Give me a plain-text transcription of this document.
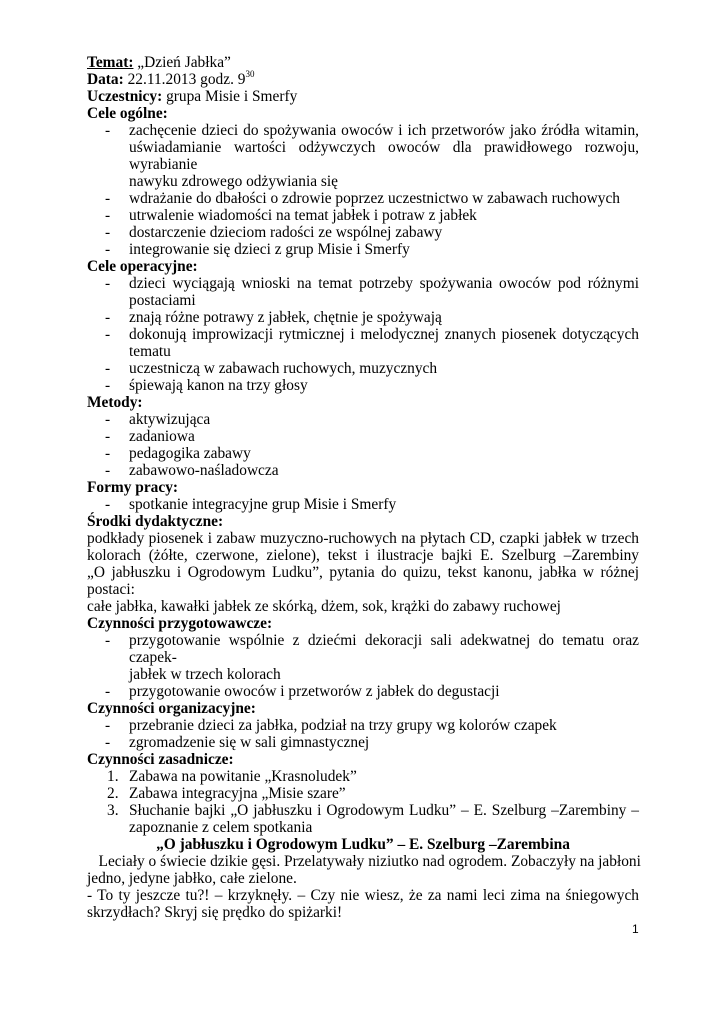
Temat: „Dzień Jabłka”
Data: 22.11.2013 godz. $9^{30}$
Uczestnicy: grupa Misie i Smerfy
Cele ogólne:
-	zachęcenie dzieci do spożywania owoców i ich przetworów jako źródła witamin,
uświadamianie wartości odżywczych owoców dla prawidłowego rozwoju, wyrabianie
nawyku zdrowego odżywiania się
-	wdrażanie do dbałości o zdrowie poprzez uczestnictwo w zabawach ruchowych
-	utrwalenie wiadomości na temat jabłek i potraw z jabłek
-	dostarczenie dzieciom radości ze wspólnej zabawy
-	integrowanie się dzieci z grup Misie i Smerfy
Cele operacyjne:
-	dzieci wyciągają wnioski na temat potrzeby spożywania owoców pod różnymi
postaciami
-	znają różne potrawy z jabłek, chętnie je spożywają
-	dokonują improwizacji rytmicznej i melodycznej znanych piosenek dotyczących
tematu
-	uczestniczą w zabawach ruchowych, muzycznych
-	śpiewają kanon na trzy głosy
Metody:
-	aktywizująca
-	zadaniowa
-	pedagogika zabawy
-	zabawowo-naśladowcza
Formy pracy:
-	spotkanie integracyjne grup Misie i Smerfy
Środki dydaktyczne:
podkłady piosenek i zabaw muzyczno-ruchowych na płytach CD, czapki jabłek w trzech
kolorach (żółte, czerwone, zielone), tekst i ilustracje bajki E. Szelburg –Zarembiny
„O jabłuszku i Ogrodowym Ludku”, pytania do quizu, tekst kanonu, jabłka w różnej postaci:
całe jabłka, kawałki jabłek ze skórką, dżem, sok, krążki do zabawy ruchowej
Czynności przygotowawcze:
-	przygotowanie wspólnie z dziećmi dekoracji sali adekwatnej do tematu oraz czapek-
jabłek w trzech kolorach
-	przygotowanie owoców i przetworów z jabłek do degustacji
Czynności organizacyjne:
-	przebranie dzieci za jabłka, podział na trzy grupy wg kolorów czapek
-	zgromadzenie się w sali gimnastycznej
Czynności zasadnicze:
1. Zabawa na powitanie „Krasnoludek”
2. Zabawa integracyjna „Misie szare”
3. Słuchanie bajki „O jabłuszku i Ogrodowym Ludku” – E. Szelburg –Zarembiny –
zapoznanie z celem spotkania
„O jabłuszku i Ogrodowym Ludku” – E. Szelburg –Zarembina
Leciały o świecie dzikie gęsi. Przelatywały niziutko nad ogrodem. Zobaczyły na jabłoni
jedno, jedyne jabłko, całe zielone.
- To ty jeszcze tu?! – krzyknęły. – Czy nie wiesz, że za nami leci zima na śniegowych
skrzydłach? Skryj się prędko do spiżarki!
1
